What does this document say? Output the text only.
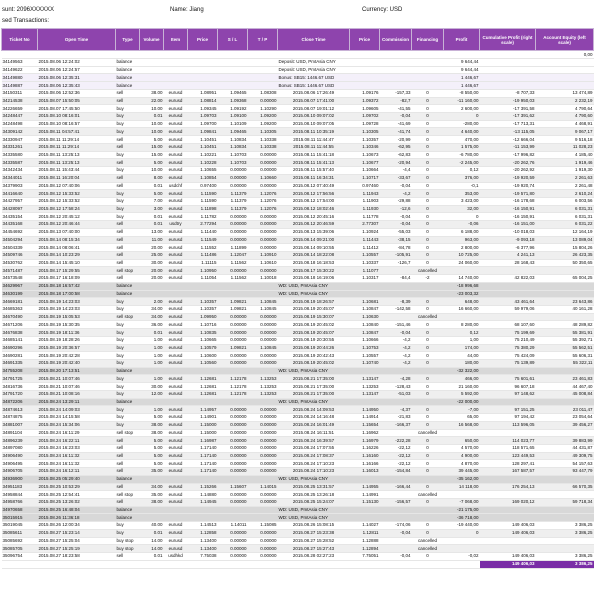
sunt: 2096XXXXXX	Name: Jiang	Currency: USD
sed Transactions:
Ticket No	Open Time	Type	Volume	Item	Price	S / L	T / P	Close Time	Price	Commission	Financing	Profit	Cumulative Profit (right scale)	Account Equity (left scale)
														0,00
34149563	2015.08.06 12:24:02	balance						Deposit: USD, PmtAsia CNY				9 644,44		
34149622	2015.08.06 12:24:57	balance						Deposit: USD, PmtAsia CNY				9 644,44		
34149880	2015.08.06 12:35:31	balance						Bonus: SB15: 1446.67 USD				1 446,67		
34149887	2015.08.06 12:35:43	balance						Bonus: SB15: 1446.67 USD				1 446,67		
34150311	2015.08.06 12:52:36	sell	38.00	eurusd	1.08951	1.09465	1.08308	2015.08.06 17:26:49	1.09176	-157,33	0	-8 550,00	-8 707,33	13 474,89
34214538	2015.08.07 15:50:05	sell	22.00	eurusd	1.08814	1.09368	0.00000	2015.08.07 17:41:00	1.09372	-82,7	0	-11 160,00	-19 950,03	2 232,19
34226659	2015.08.07 17:45:50	buy	10.00	eurusd	1.09345	1.09192	1.10290	2015.08.07 19:01:12	1.09605	-41,55	0	2 600,00	-17 391,58	4 790,64
34248447	2015.08.10 08:16:01	buy	0.01	eurusd	1.09703	1.09100	1.09200	2015.08.10 09:07:02	1.09702	-0,04	0	0	-17 391,62	4 790,60
34248498	2015.08.10 08:16:57	buy	10.00	eurusd	1.09700	1.10109	1.09200	2015.08.10 09:07:05	1.09728	-41,69	0	-280,00	-17 713,31	4 468,91
34309142	2015.08.11 04:57:41	buy	10.00	eurusd	1.09841	1.09465	1.10305	2015.08.11 10:35:19	1.10305	-41,74	0	4 640,00	-13 115,05	9 067,17
34330947	2015.08.11 11:29:14	sell	5.00	eurusd	1.10451	1.10834	1.10338	2015.08.11 11:44:47	1.10357	-20,99	0	470,00	-12 666,04	9 516,18
34331261	2015.08.11 11:29:14	sell	15.00	eurusd	1.10451	1.10834	1.10338	2015.08.11 11:44:55	1.10346	-62,95	0	1 575,00	-11 153,99	11 028,23
34335580	2015.08.11 13:25:13	buy	15.00	eurusd	1.10221	1.10703	0.00000	2015.08.11 15:41:18	1.10673	-62,83	0	-6 780,00	-17 996,82	4 185,40
34335587	2015.08.11 13:25:13	sell	5.00	eurusd	1.10228	1.10703	0.00000	2015.08.11 15:41:13	1.10677	-20,94	0	-2 245,00	-20 262,76	1 919,46
34342434	2015.08.11 15:43:44	buy	10.00	eurusd	1.10655	0.00000	0.00000	2015.08.11 15:57:40	1.10664	-4,4	0	0,12	-20 262,92	1 919,30
34344011	2015.08.11 16:20:04	sell	8.00	eurusd	1.10854	0.00000	1.10660	2015.08.11 16:34:31	1.10717	-33,67	0	376,00	-19 920,59	2 261,63
34379903	2015.08.12 07:40:06	sell	0.01	usdchf	0.97400	0.00000	0.00000	2015.08.12 07:40:49	0.97460	-0,04	0	-0,1	-19 920,74	2 261,48
34416640	2015.08.12 15:33:52	buy	5.00	eurusd	1.11590	1.11379	1.12076	2015.08.12 17:56:56	1.11943	-4,2	0	353,00	-19 571,80	2 610,24
34427957	2015.08.12 15:33:52	buy	7.00	eurusd	1.11590	1.11379	1.12076	2015.08.12 17:54:00	1.11903	-29,88	0	3 423,00	-16 178,68	6 003,56
34428097	2015.08.12 17:58:24	buy	3.00	eurusd	1.11898	1.11379	1.12076	2015.08.12 18:02:46	1.11930	-12,6	0	32,00	-16 150,91	6 031,31
34435154	2015.08.12 20:45:12	buy	0.01	eurusd	1.11782	0.00000	0.00000	2015.08.12 20:45:16	1.11778	-0,04	0	0	-16 150,91	6 031,31
34435168	2015.08.12 20:46:44	sell	0.01	usdtry	2.77294	0.00000	0.00000	2015.08.12 20:46:59	2.77307	-0,04	0	-0,06	-16 151,00	6 031,22
34454692	2015.08.13 07:40:00	sell	13.00	eurusd	1.11440	0.00000	0.00000	2015.08.13 15:39:06	1.10924	-55,03	0	6 188,00	-10 018,03	12 164,19
34504294	2015.08.14 08:15:34	sell	11.00	eurusd	1.11549	0.00000	0.00000	2015.08.14 09:21:00	1.11443	-38,15	0	963,00	-9 093,18	13 089,04
34504339	2015.08.14 08:06:41	sell	20.00	eurusd	1.11552	1.11899	0.00000	2015.08.14 09:10:55	1.11412	-84,78	0	2 800,00	-6 377,96	15 804,26
34509746	2015.08.14 10:23:29	sell	25.00	eurusd	1.11486	1.12047	1.10910	2015.08.14 18:22:08	1.10557	-105,91	0	10 725,00	4 241,13	26 423,35
34530762	2015.08.14 15:45:10	sell	30.00	eurusd	1.11115	1.11562	1.10610	2015.08.18 16:18:53	1.10337	-126,7	0	24 060,00	28 168,43	50 350,65
34571487	2015.08.17 15:29:55	sell stop	20.00	eurusd	1.10950	0.00000	0.00000	2015.08.17 15:30:22	1.11077		cancelled			
34573548	2015.08.17 16:18:09	sell	20.00	eurusd	1.11054	1.11562	1.10018	2015.08.18 16:19:06	1.10317	-84,4	-2	14 740,00	42 822,03	65 004,25
34629967	2015.08.18 16:57:42	balance						WD: USD, PmtAsia CNY				-18 996,68		
34630199	2015.08.18 17:00:58	balance						WD: USD, PmtAsia CNY				-23 003,32		
34669181	2015.08.19 14:23:03	buy	2.00	eurusd	1.10357	1.09821	1.10845	2015.08.19 18:26:57	1.10681	-8,39	0	648,00	43 461,64	23 643,86
34685363	2015.08.19 14:23:03	buy	34.00	eurusd	1.10357	1.09821	1.10845	2015.08.19 20:45:07	1.10847	-142,58	0	16 660,00	59 979,06	40 161,28
34670490	2015.08.19 15:05:53	sell stop	34.00	eurusd	1.09950	0.00000	0.00000	2015.08.19 15:30:07	1.10630		cancelled			
34671206	2015.08.19 15:30:35	buy	36.00	eurusd	1.10716	0.00000	0.00000	2015.08.19 20:45:02	1.10840	-151,46	0	8 280,00	68 107,60	48 289,82
34676838	2015.08.19 18:11:36	buy	0.01	eurusd	1.10835	0.00000	0.00000	2015.08.19 20:45:07	1.10847	-0,04	0	0,12	75 199,69	55 381,91
34685141	2015.08.19 18:28:26	buy	1.00	eurusd	1.10665	0.00000	0.00000	2015.08.19 20:30:55	1.10666	-4,2	0	1,00	75 210,49	55 392,71
34690296	2015.08.19 20:36:57	buy	1.00	eurusd	1.10579	1.09821	1.10845	2015.08.19 20:44:26	1.10753	-4,2	0	174,00	75 380,29	55 562,51
34690281	2015.08.19 20:42:28	buy	1.00	eurusd	1.10600	0.00000	0.00000	2015.08.19 20:42:43	1.10557	-4,2	0	44,00	75 424,09	55 606,31
34691335	2015.08.19 20:42:40	buy	1.00	eurusd	1.10560	0.00000	0.00000	2015.08.19 20:45:02	1.10740	-4,2	0	180,00	75 139,89	55 322,11
34755208	2015.08.20 17:13:51	balance						WD: USD, PmtAsia CNY				-32 322,00		
34791725	2015.08.21 10:07:46	buy	1.00	eurusd	1.12681	1.12178	1.13253	2015.08.21 17:35:00	1.13147	-4,28	0	466,00	75 601,61	23 461,83
34816736	2015.08.21 10:07:46	buy	30.00	eurusd	1.12681	1.12178	1.13253	2015.08.21 17:35:00	1.13253	-128,43	0	21 160,00	96 607,18	44 467,40
34791720	2015.08.21 10:08:16	buy	12.00	eurusd	1.12681	1.12178	1.13253	2015.08.21 17:35:00	1.13147	-51,03	0	5 592,00	97 148,62	45 008,84
34872206	2015.08.24 13:29:11	balance						WD: USD, PmtAsia CNY				-22 000,00		
34874613	2015.08.24 14:09:03	buy	1.00	eurusd	1.14957	0.00000	0.00000	2015.08.24 14:09:53	1.14950	-4,37	0	-7,00	97 151,25	23 011,47
34874875	2015.08.24 14:15:58	buy	5.00	eurusd	1.14901	0.00000	0.00000	2015.08.24 14:16:48	1.14914	-21,83	0	65,00	97 194,42	23 054,64
34881007	2015.08.24 15:34:06	buy	38.00	eurusd	1.15000	0.00000	0.00000	2015.08.24 16:01:49	1.15654	-166,37	0	16 568,00	113 596,05	39 456,27
34891104	2015.08.24 16:11:29	sell stop	38.00	eurusd	1.15000	0.00000	0.00000	2015.08.24 16:11:51	1.16962		cancelled			
34896239	2015.08.24 16:22:11	sell	5.00	eurusd	1.16987	0.00000	0.00000	2015.08.24 16:39:57	1.16979	-222,28	0	650,00	114 023,77	39 883,99
34897080	2015.08.24 16:23:03	sell	5.00	eurusd	1.17140	0.00000	0.00000	2015.08.24 17:07:55	1.16226	-22,12	0	4 570,00	118 571,65	44 431,87
34906490	2015.08.24 16:11:32	sell	5.00	eurusd	1.17140	0.00000	0.00000	2015.08.24 17:08:37	1.16160	-22,12	0	4 900,00	123 449,53	49 309,75
34906495	2015.08.24 16:11:32	sell	5.00	eurusd	1.17140	0.00000	0.00000	2015.08.24 17:10:23	1.16166	-22,12	0	4 870,00	128 297,41	54 157,63
34906705	2015.08.24 16:12:11	sell	35.00	eurusd	1.17140	0.00000	0.00000	2015.08.24 17:10:23	1.16013	-154,84	0	39 445,00	167 587,57	93 447,79
34936900	2015.08.25 05:29:40	balance						WD: USD, PmtAsia CNY				-35 162,00		
34951183	2015.08.25 10:53:29	sell	34.00	eurusd	1.15266	1.15607	1.14015	2015.08.25 13:31:57	1.14955	-166,44	0	14 118,00	176 254,13	66 570,35
34958844	2015.08.25 12:54:41	sell stop	35.00	eurusd	1.14880	0.00000	0.00000	2015.08.25 13:26:18	1.14991		cancelled			
34958766	2015.08.25 13:26:02	sell	38.00	eurusd	1.14945	0.00000	0.00000	2015.08.25 15:24:07	1.15130	-156,57	0	-7 068,00	169 020,12	59 718,34
34970658	2015.08.25 16:48:04	balance						WD: USD, PmtAsia CNY				-21 175,00		
35015915	2015.08.26 11:36:18	balance						WD: USD, PmtAsia CNY				-36 718,00		
35019045	2015.08.26 12:00:34	buy	40.00	eurusd	1.14513	1.14011	1.15085	2015.08.26 15:08:15	1.14027	-174,06	0	-19 440,00	149 406,03	3 386,25
35085611	2015.08.27 15:23:14	buy	0.01	eurusd	1.12858	0.00000	0.00000	2015.08.27 15:23:38	1.12811	-0,04	0	0	149 406,03	3 386,25
35085692	2015.08.27 15:25:04	buy stop	14.00	eurusd	1.13400	0.00000	0.00000	2015.08.27 15:28:52	1.12888		cancelled			
35085705	2015.08.27 15:25:19	buy stop	14.00	eurusd	1.13400	0.00000	0.00000	2015.08.27 15:27:43	1.12894		cancelled			
35096754	2015.08.27 18:23:58	sell	0.01	usdhkd	7.75038	0.00000	0.00000	2015.08.28 02:27:23	7.75051	-0,04	0	-0,02	149 406,03	3 386,25
													149 406,03	3 386,25
